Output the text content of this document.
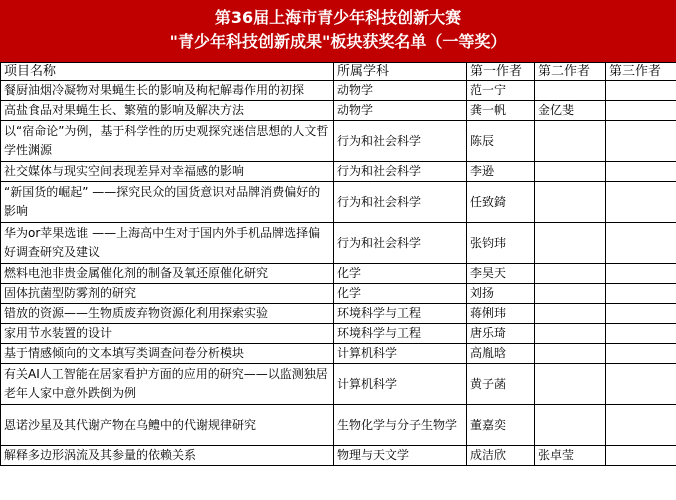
第36届上海市青少年科技创新大赛
"青少年科技创新成果"板块获奖名单（一等奖）
项目名称	所属学科	第一作者	第二作者	第三作者
餐厨油烟冷凝物对果蝇生长的影响及枸杞解毒作用的初探	动物学	范一宁		
高盐食品对果蝇生长、繁殖的影响及解决方法	动物学	龚一帆	金亿斐	
以“宿命论”为例，基于科学性的历史观探究迷信思想的人文哲学性渊源	行为和社会科学	陈辰		
社交媒体与现实空间表现差异对幸福感的影响	行为和社会科学	李逊		
“新国货的崛起” ——探究民众的国货意识对品牌消费偏好的影响	行为和社会科学	任致錡		
华为or苹果选谁 ——上海高中生对于国内外手机品牌选择偏好调查研究及建议	行为和社会科学	张钧玮		
燃料电池非贵金属催化剂的制备及氧还原催化研究	化学	李昊天		
固体抗菌型防雾剂的研究	化学	刘扬		
错放的资源——生物质废弃物资源化利用探索实验	环境科学与工程	蒋俐玮		
家用节水装置的设计	环境科学与工程	唐乐琦		
基于情感倾向的文本填写类调查问卷分析模块	计算机科学	高胤晗		
有关AI人工智能在居家看护方面的应用的研究——以监测独居老年人家中意外跌倒为例	计算机科学	黄子菡		
恩诺沙星及其代谢产物在乌鳢中的代谢规律研究	生物化学与分子生物学	董嘉奕		
解释多边形涡流及其参量的依赖关系	物理与天文学	成洁欣	张卓莹	
